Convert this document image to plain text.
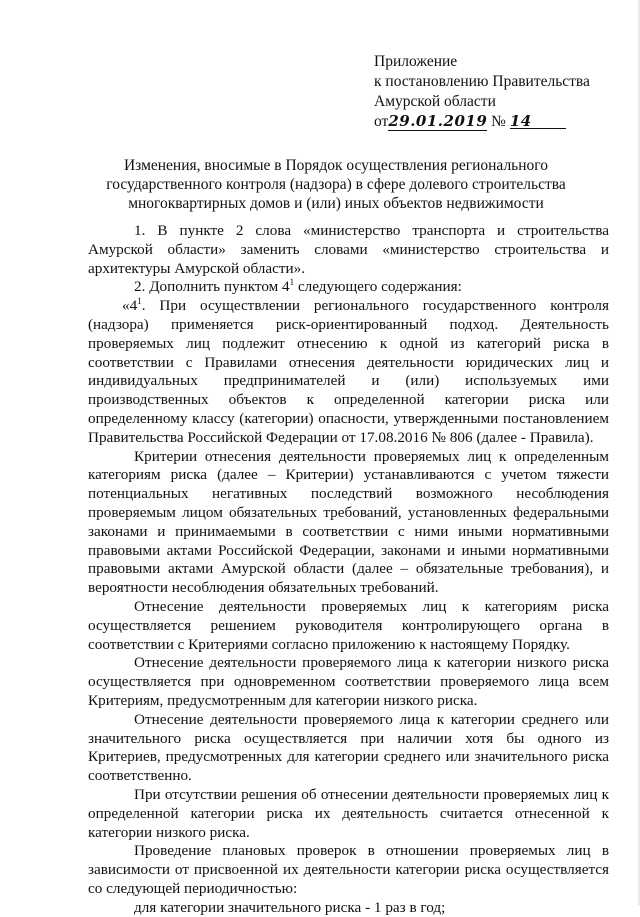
Приложение
к постановлению Правительства
Амурской области
от29.01.2019 № 14
Изменения, вносимые в Порядок осуществления регионального
государственного контроля (надзора) в сфере долевого строительства
многоквартирных домов и (или) иных объектов недвижимости

1. В пункте 2 слова «министерство транспорта и строительства Амурской области» заменить словами «министерство строительства и архитектуры Амурской области».

2. Дополнить пунктом $4^1$ следующего содержания:

«$4^1$. При осуществлении регионального государственного контроля (надзора) применяется риск-ориентированный подход. Деятельность проверяемых лиц подлежит отнесению к одной из категорий риска в соответствии с Правилами отнесения деятельности юридических лиц и индивидуальных предпринимателей и (или) используемых ими производственных объектов к определенной категории риска или определенному классу (категории) опасности, утвержденными постановлением Правительства Российской Федерации от 17.08.2016 № 806 (далее - Правила).

Критерии отнесения деятельности проверяемых лиц к определенным категориям риска (далее – Критерии) устанавливаются с учетом тяжести потенциальных негативных последствий возможного несоблюдения проверяемым лицом обязательных требований, установленных федеральными законами и принимаемыми в соответствии с ними иными нормативными правовыми актами Российской Федерации, законами и иными нормативными правовыми актами Амурской области (далее – обязательные требования), и вероятности несоблюдения обязательных требований.

Отнесение деятельности проверяемых лиц к категориям риска осуществляется решением руководителя контролирующего органа в соответствии с Критериями согласно приложению к настоящему Порядку.

Отнесение деятельности проверяемого лица к категории низкого риска осуществляется при одновременном соответствии проверяемого лица всем Критериям, предусмотренным для категории низкого риска.

Отнесение деятельности проверяемого лица к категории среднего или значительного риска осуществляется при наличии хотя бы одного из Критериев, предусмотренных для категории среднего или значительного риска соответственно.

При отсутствии решения об отнесении деятельности проверяемых лиц к определенной категории риска их деятельность считается отнесенной к категории низкого риска.

Проведение плановых проверок в отношении проверяемых лиц в зависимости от присвоенной их деятельности категории риска осуществляется со следующей периодичностью:

для категории значительного риска - 1 раз в год;
